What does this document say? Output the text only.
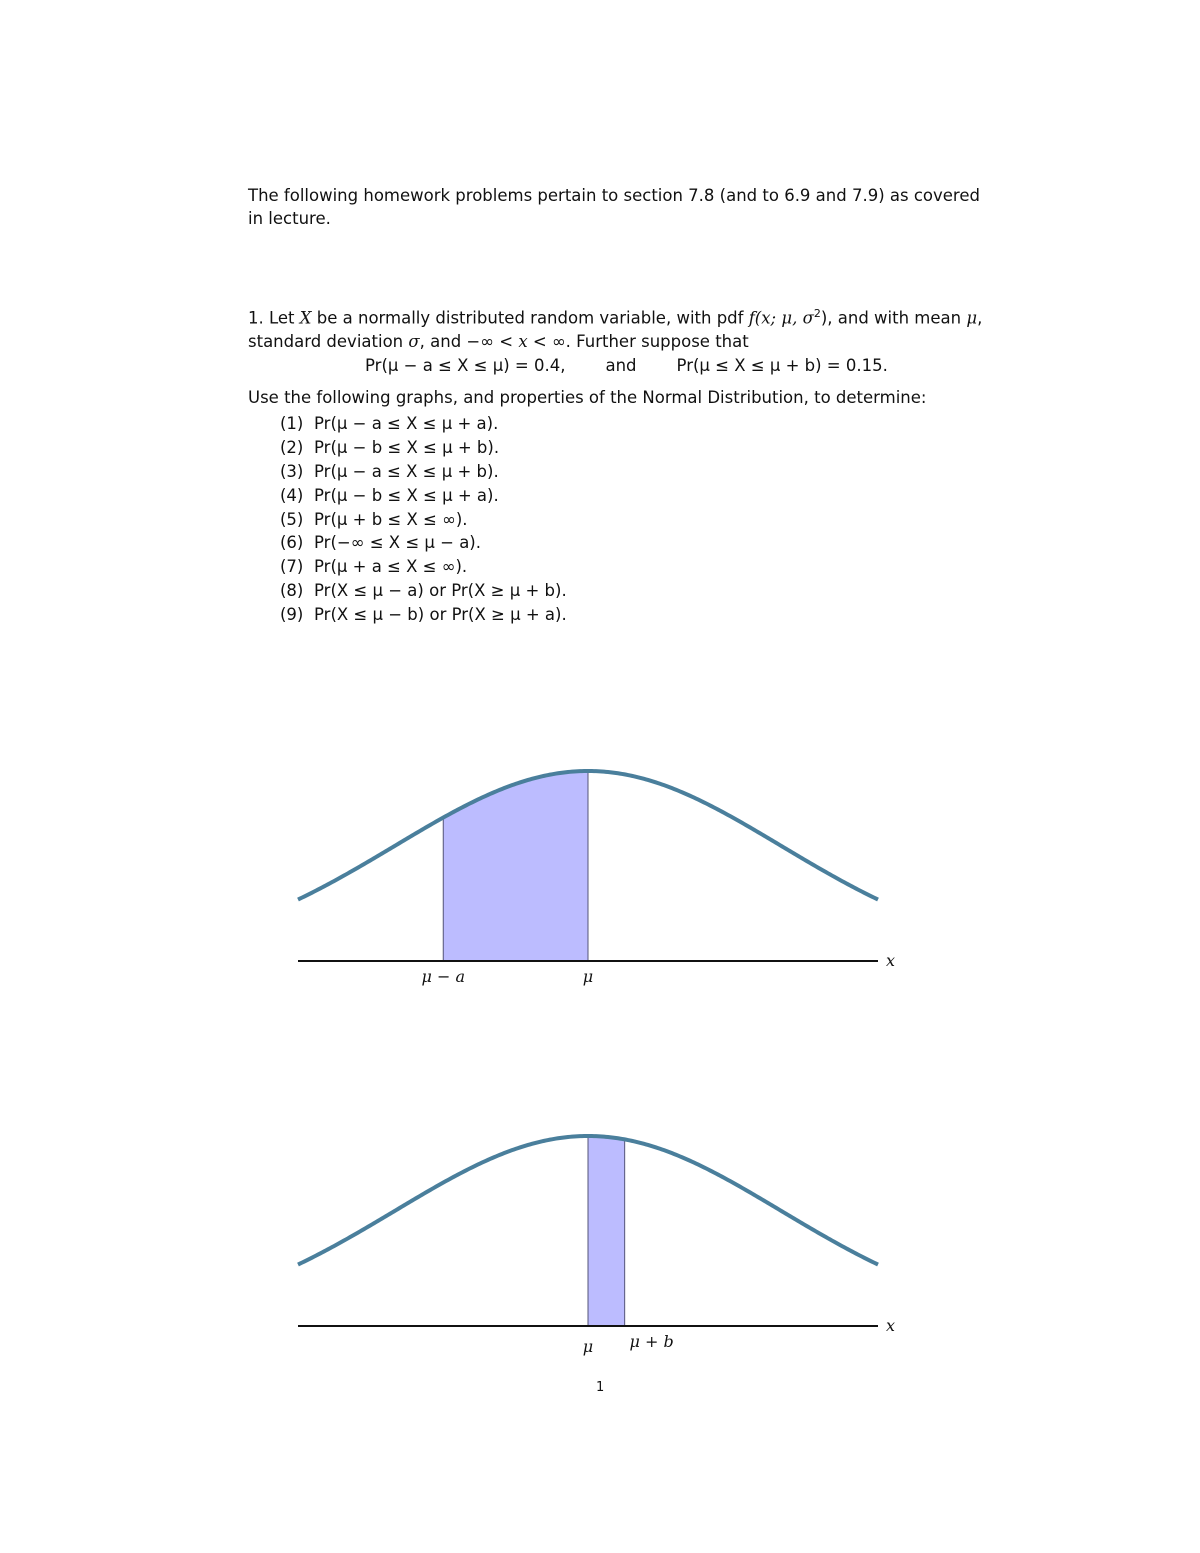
The following homework problems pertain to section 7.8 (and to 6.9 and 7.9) as covered
in lecture.
1. Let X be a normally distributed random variable, with pdf f(x; μ, $\sigma^2$), and with mean μ,
standard deviation σ, and −∞ < x < ∞. Further suppose that
Pr(μ − a ≤ X ≤ μ) = 0.4, and Pr(μ ≤ X ≤ μ + b) = 0.15.
Use the following graphs, and properties of the Normal Distribution, to determine:
(1) Pr(μ − a ≤ X ≤ μ + a).
(2) Pr(μ − b ≤ X ≤ μ + b).
(3) Pr(μ − a ≤ X ≤ μ + b).
(4) Pr(μ − b ≤ X ≤ μ + a).
(5) Pr(μ + b ≤ X ≤ ∞).
(6) Pr(−∞ ≤ X ≤ μ − a).
(7) Pr(μ + a ≤ X ≤ ∞).
(8) Pr(X ≤ μ − a) or Pr(X ≥ μ + b).
(9) Pr(X ≤ μ − b) or Pr(X ≥ μ + a).
x
μ − a	μ
x
μ μ + b
1
